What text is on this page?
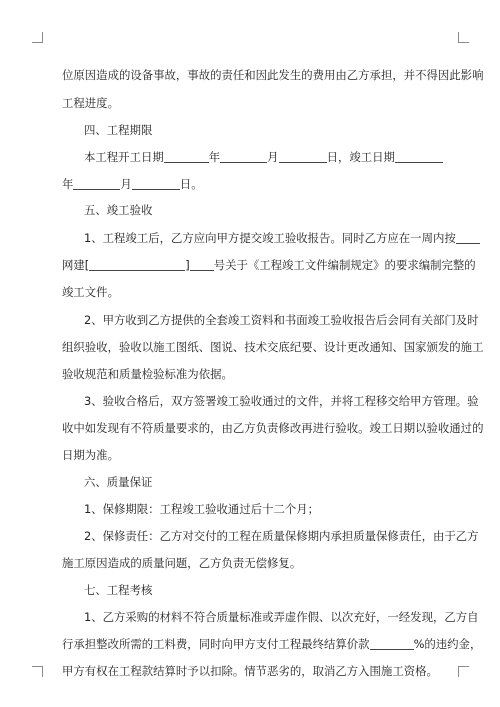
位原因造成的设备事故，事故的责任和因此发生的费用由乙方承担，并不得因此影响
工程进度。
四、工程期限
本工程开工日期	年	月	日，竣工日期
年	月	日。
五、竣工验收
1、工程竣工后，乙方应向甲方提交竣工验收报告。同时乙方应在一周内按
网建[	] 号关于《工程竣工文件编制规定》的要求编制完整的
竣工文件。
2、甲方收到乙方提供的全套竣工资料和书面竣工验收报告后会同有关部门及时
组织验收，验收以施工图纸、图说、技术交底纪要、设计更改通知、国家颁发的施工
验收规范和质量检验标准为依据。
3、验收合格后，双方签署竣工验收通过的文件，并将工程移交给甲方管理。验
收中如发现有不符质量要求的，由乙方负责修改再进行验收。竣工日期以验收通过的
日期为准。
六、质量保证
1、保修期限：工程竣工验收通过后十二个月；
2、保修责任：乙方对交付的工程在质量保修期内承担质量保修责任，由于乙方
施工原因造成的质量问题，乙方负责无偿修复。
七、工程考核
1、乙方采购的材料不符合质量标准或弄虚作假、以次充好，一经发现，乙方自
行承担整改所需的工料费，同时向甲方支付工程最终结算价款	%的违约金，
甲方有权在工程款结算时予以扣除。情节恶劣的，取消乙方入围施工资格。
